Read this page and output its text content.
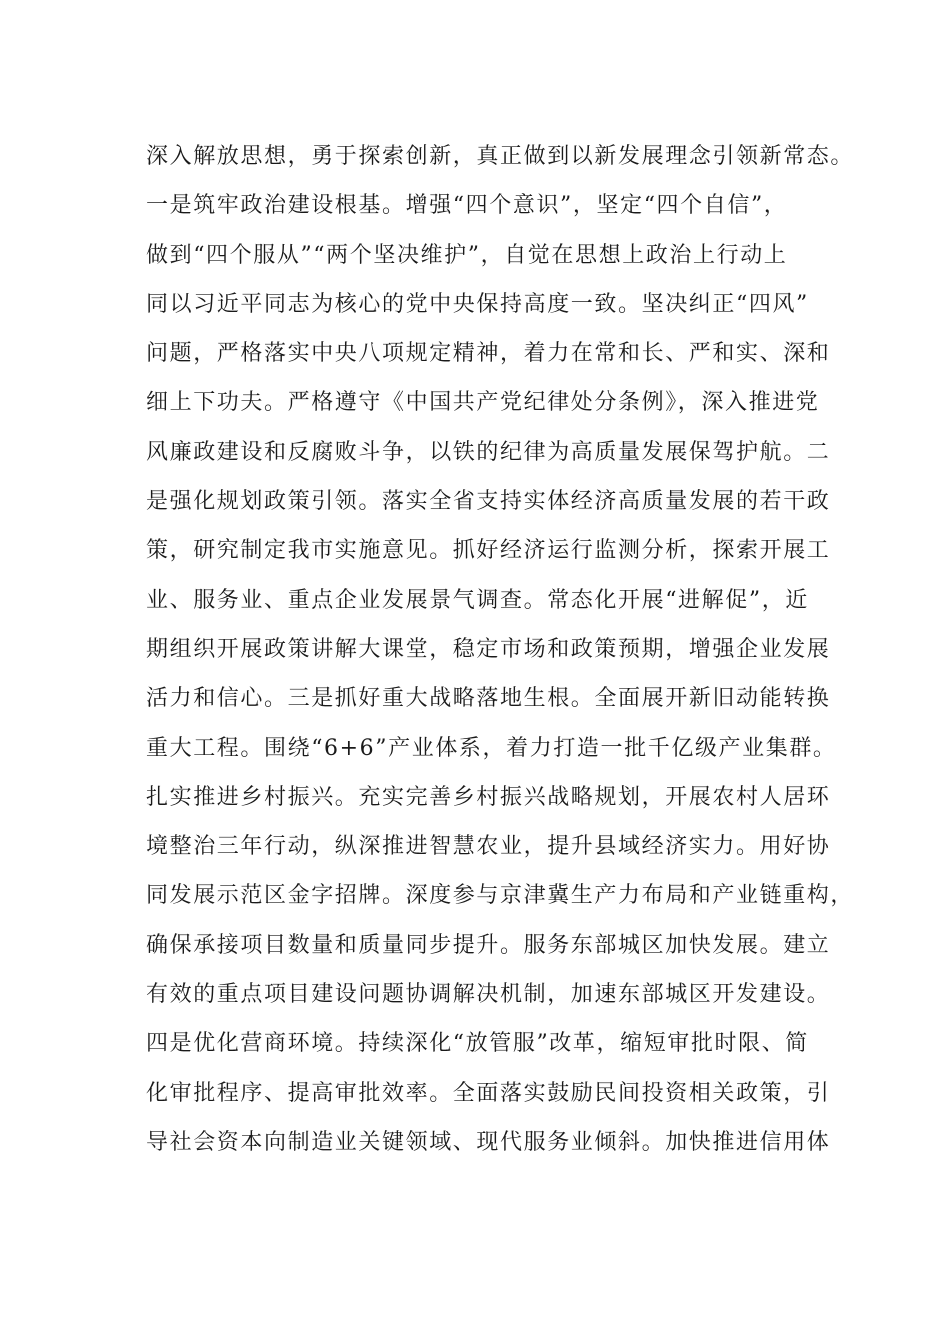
深入解放思想，勇于探索创新，真正做到以新发展理念引领新常态。
一是筑牢政治建设根基。增强“四个意识”，坚定“四个自信”，
做到“四个服从”“两个坚决维护”，自觉在思想上政治上行动上
同以习近平同志为核心的党中央保持高度一致。坚决纠正“四风”
问题，严格落实中央八项规定精神，着力在常和长、严和实、深和
细上下功夫。严格遵守《中国共产党纪律处分条例》，深入推进党
风廉政建设和反腐败斗争，以铁的纪律为高质量发展保驾护航。二
是强化规划政策引领。落实全省支持实体经济高质量发展的若干政
策，研究制定我市实施意见。抓好经济运行监测分析，探索开展工
业、服务业、重点企业发展景气调查。常态化开展“进解促”，近
期组织开展政策讲解大课堂，稳定市场和政策预期，增强企业发展
活力和信心。三是抓好重大战略落地生根。全面展开新旧动能转换
重大工程。围绕“6+6”产业体系，着力打造一批千亿级产业集群。
扎实推进乡村振兴。充实完善乡村振兴战略规划，开展农村人居环
境整治三年行动，纵深推进智慧农业，提升县域经济实力。用好协
同发展示范区金字招牌。深度参与京津冀生产力布局和产业链重构，
确保承接项目数量和质量同步提升。服务东部城区加快发展。建立
有效的重点项目建设问题协调解决机制，加速东部城区开发建设。
四是优化营商环境。持续深化“放管服”改革，缩短审批时限、简
化审批程序、提高审批效率。全面落实鼓励民间投资相关政策，引
导社会资本向制造业关键领域、现代服务业倾斜。加快推进信用体
